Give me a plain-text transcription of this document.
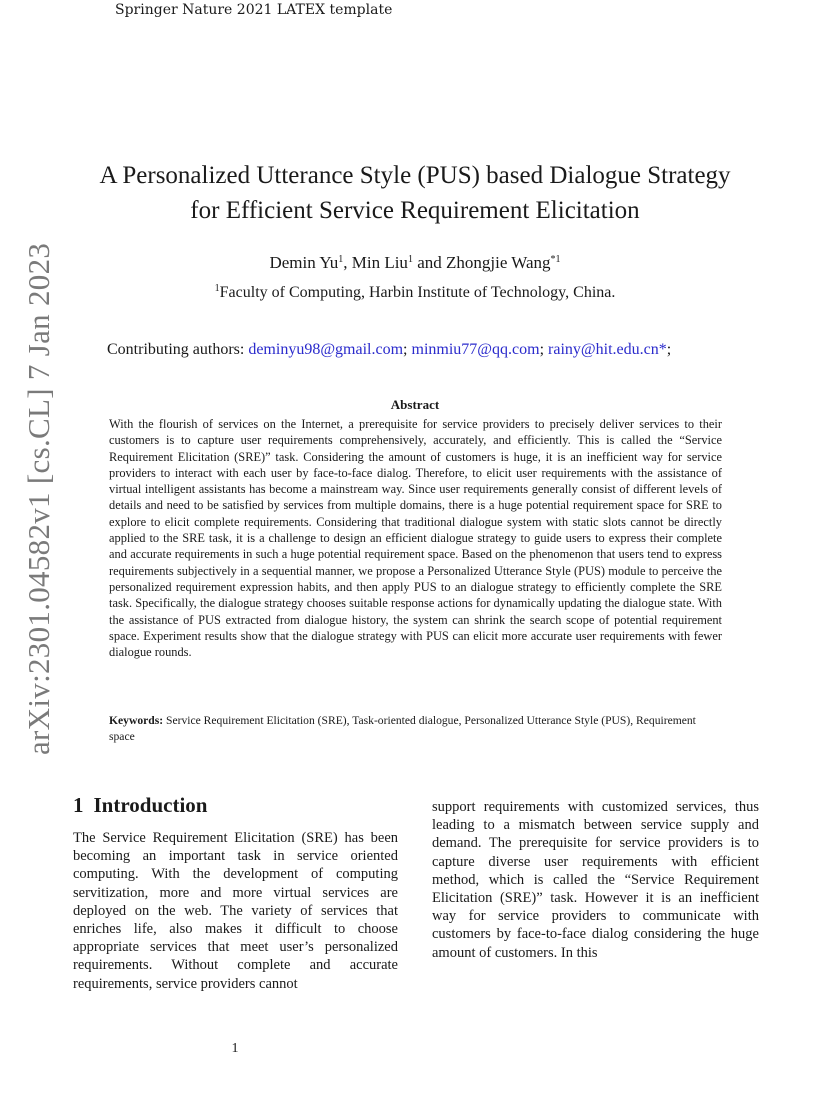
Springer Nature 2021 LATEX template
arXiv:2301.04582v1 [cs.CL] 7 Jan 2023
A Personalized Utterance Style (PUS) based Dialogue Strategy for Efficient Service Requirement Elicitation
Demin Yu$^1$, Min Liu$^1$ and Zhongjie Wang$^{*1}$
$^1$Faculty of Computing, Harbin Institute of Technology, China.
Contributing authors: deminyu98@gmail.com; minmiu77@qq.com; rainy@hit.edu.cn*;
Abstract
With the flourish of services on the Internet, a prerequisite for service providers to precisely deliver services to their customers is to capture user requirements comprehensively, accurately, and efficiently. This is called the “Service Requirement Elicitation (SRE)” task. Considering the amount of customers is huge, it is an inefficient way for service providers to interact with each user by face-to-face dialog. Therefore, to elicit user requirements with the assistance of virtual intelligent assistants has become a mainstream way. Since user requirements generally consist of different levels of details and need to be satisfied by services from multiple domains, there is a huge potential requirement space for SRE to explore to elicit complete requirements. Considering that traditional dialogue system with static slots cannot be directly applied to the SRE task, it is a challenge to design an efficient dialogue strategy to guide users to express their complete and accurate requirements in such a huge potential requirement space. Based on the phenomenon that users tend to express requirements subjectively in a sequential manner, we propose a Personalized Utterance Style (PUS) module to perceive the personalized requirement expression habits, and then apply PUS to an dialogue strategy to efficiently complete the SRE task. Specifically, the dialogue strategy chooses suitable response actions for dynamically updating the dialogue state. With the assistance of PUS extracted from dialogue history, the system can shrink the search scope of potential requirement space. Experiment results show that the dialogue strategy with PUS can elicit more accurate user requirements with fewer dialogue rounds.
Keywords: Service Requirement Elicitation (SRE), Task-oriented dialogue, Personalized Utterance Style (PUS), Requirement space
1 Introduction
The Service Requirement Elicitation (SRE) has been becoming an important task in service oriented computing. With the development of computing servitization, more and more virtual services are deployed on the web. The variety of services that enriches life, also makes it difficult to choose appropriate services that meet user’s personalized requirements. Without complete and accurate requirements, service providers cannot
support requirements with customized services, thus leading to a mismatch between service supply and demand. The prerequisite for service providers is to capture diverse user requirements with efficient method, which is called the “Service Requirement Elicitation (SRE)” task. However it is an inefficient way for service providers to communicate with customers by face-to-face dialog considering the huge amount of customers. In this
1
